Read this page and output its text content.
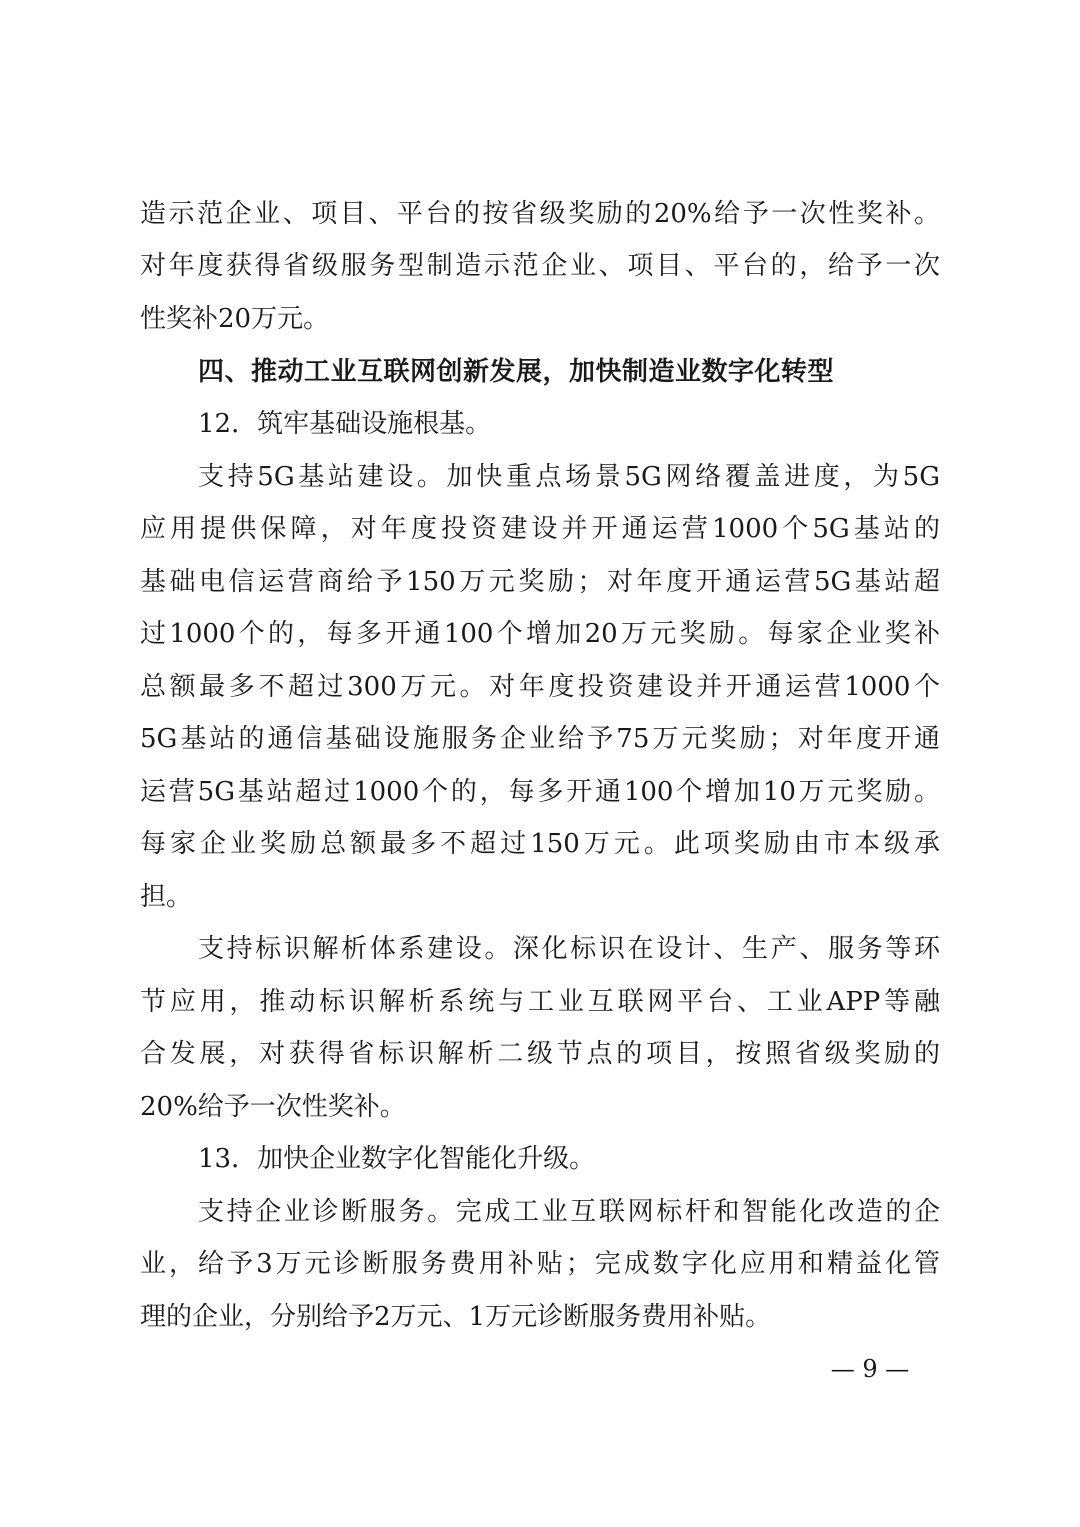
造示范企业、项目、平台的按省级奖励的20%给予一次性奖补。
对年度获得省级服务型制造示范企业、项目、平台的，给予一次
性奖补20万元。
四、推动工业互联网创新发展，加快制造业数字化转型
12．筑牢基础设施根基。
支持5G基站建设。加快重点场景5G网络覆盖进度，为5G
应用提供保障，对年度投资建设并开通运营1000个5G基站的
基础电信运营商给予150万元奖励；对年度开通运营5G基站超
过1000个的，每多开通100个增加20万元奖励。每家企业奖补
总额最多不超过300万元。对年度投资建设并开通运营1000个
5G基站的通信基础设施服务企业给予75万元奖励；对年度开通
运营5G基站超过1000个的，每多开通100个增加10万元奖励。
每家企业奖励总额最多不超过150万元。此项奖励由市本级承
担。
支持标识解析体系建设。深化标识在设计、生产、服务等环
节应用，推动标识解析系统与工业互联网平台、工业APP等融
合发展，对获得省标识解析二级节点的项目，按照省级奖励的
20%给予一次性奖补。
13．加快企业数字化智能化升级。
支持企业诊断服务。完成工业互联网标杆和智能化改造的企
业，给予3万元诊断服务费用补贴；完成数字化应用和精益化管
理的企业，分别给予2万元、1万元诊断服务费用补贴。
— 9 —
